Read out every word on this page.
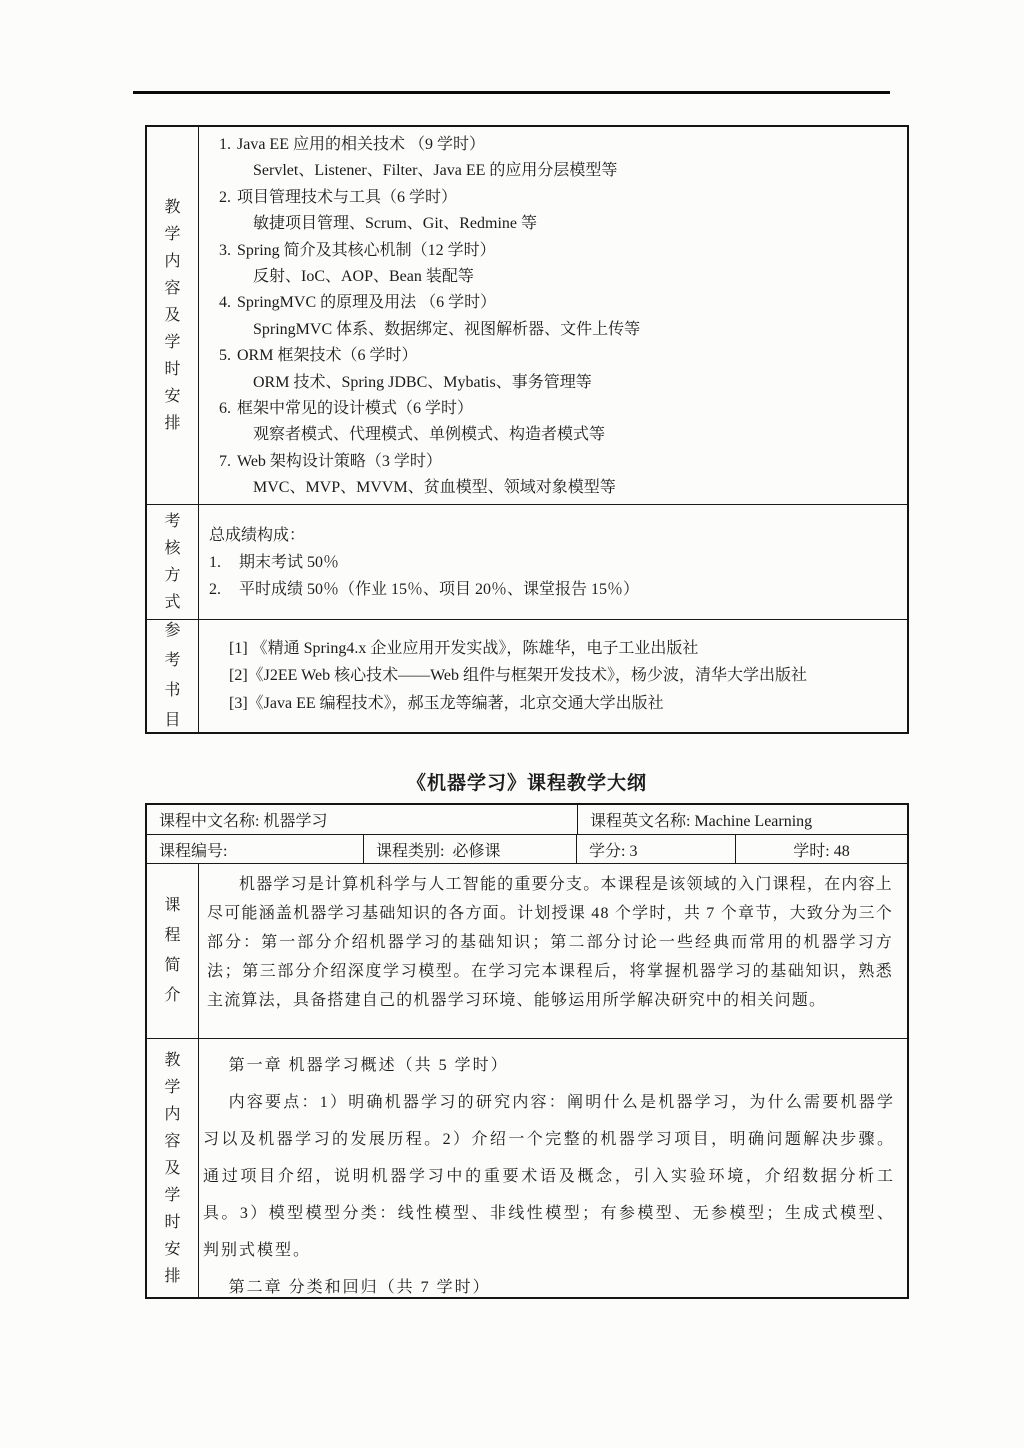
教学内容及学时安排
1. Java EE 应用的相关技术 （9 学时）
Servlet、Listener、Filter、Java EE 的应用分层模型等
2. 项目管理技术与工具（6 学时）
敏捷项目管理、Scrum、Git、Redmine 等
3. Spring 简介及其核心机制（12 学时）
反射、IoC、AOP、Bean 装配等
4. SpringMVC 的原理及用法 （6 学时）
SpringMVC 体系、数据绑定、视图解析器、文件上传等
5. ORM 框架技术（6 学时）
ORM 技术、Spring JDBC、Mybatis、事务管理等
6. 框架中常见的设计模式（6 学时）
观察者模式、代理模式、单例模式、构造者模式等
7. Web 架构设计策略（3 学时）
MVC、MVP、MVVM、贫血模型、领域对象模型等
考核方式
总成绩构成：
1.	期末考试 50％
2.	平时成绩 50％（作业 15％、项目 20％、课堂报告 15％）
参考书目
[1] 《精通 Spring4.x 企业应用开发实战》，陈雄华，电子工业出版社
[2]《J2EE Web 核心技术——Web 组件与框架开发技术》，杨少波，清华大学出版社
[3]《Java EE 编程技术》，郝玉龙等编著，北京交通大学出版社
《机器学习》课程教学大纲
课程中文名称: 机器学习	课程英文名称: Machine Learning
课程编号:	课程类别:  必修课	学分: 3	学时: 48
课程简介

机器学习是计算机科学与人工智能的重要分支。本课程是该领域的入门课程，在内容上尽可能涵盖机器学习基础知识的各方面。计划授课 48 个学时，共 7 个章节，大致分为三个部分：第一部分介绍机器学习的基础知识；第二部分讨论一些经典而常用的机器学习方法；第三部分介绍深度学习模型。在学习完本课程后，将掌握机器学习的基础知识，熟悉主流算法，具备搭建自己的机器学习环境、能够运用所学解决研究中的相关问题。

教学内容及学时安排

第一章 机器学习概述（共 5 学时）

内容要点：1）明确机器学习的研究内容：阐明什么是机器学习，为什么需要机器学习以及机器学习的发展历程。2）介绍一个完整的机器学习项目，明确问题解决步骤。通过项目介绍，说明机器学习中的重要术语及概念，引入实验环境，介绍数据分析工具。3）模型模型分类：线性模型、非线性模型；有参模型、无参模型；生成式模型、判别式模型。

第二章 分类和回归（共 7 学时）
